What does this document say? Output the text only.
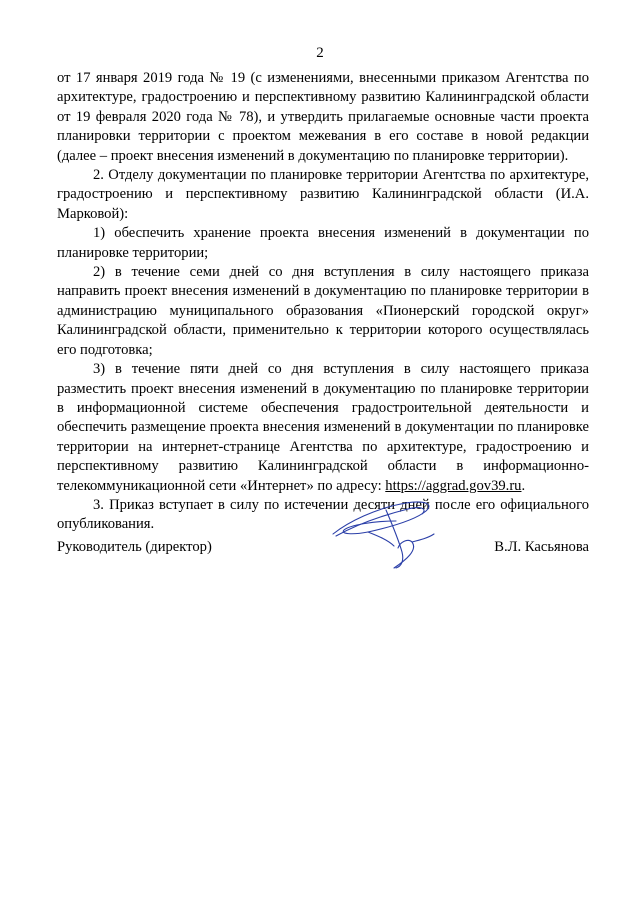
2

от 17 января 2019 года № 19 (с изменениями, внесенными приказом Агентства по архитектуре, градостроению и перспективному развитию Калининградской области от 19 февраля 2020 года № 78), и утвердить прилагаемые основные части проекта планировки территории с проектом межевания в его составе в новой редакции (далее – проект внесения изменений в документацию по планировке территории).

2. Отделу документации по планировке территории Агентства по архитектуре, градостроению и перспективному развитию Калининградской области (И.А. Марковой):

1) обеспечить хранение проекта внесения изменений в документации по планировке территории;

2) в течение семи дней со дня вступления в силу настоящего приказа направить проект внесения изменений в документацию по планировке территории в администрацию муниципального образования «Пионерский городской округ» Калининградской области, применительно к территории которого осуществлялась его подготовка;

3) в течение пяти дней со дня вступления в силу настоящего приказа разместить проект внесения изменений в документацию по планировке территории в информационной системе обеспечения градостроительной деятельности и обеспечить размещение проекта внесения изменений в документации по планировке территории на интернет-странице Агентства по архитектуре, градостроению и перспективному развитию Калининградской области в информационно-телекоммуникационной сети «Интернет» по адресу: https://aggrad.gov39.ru.

3. Приказ вступает в силу по истечении десяти дней после его официального опубликования.

Руководитель (директор)	В.Л. Касьянова
